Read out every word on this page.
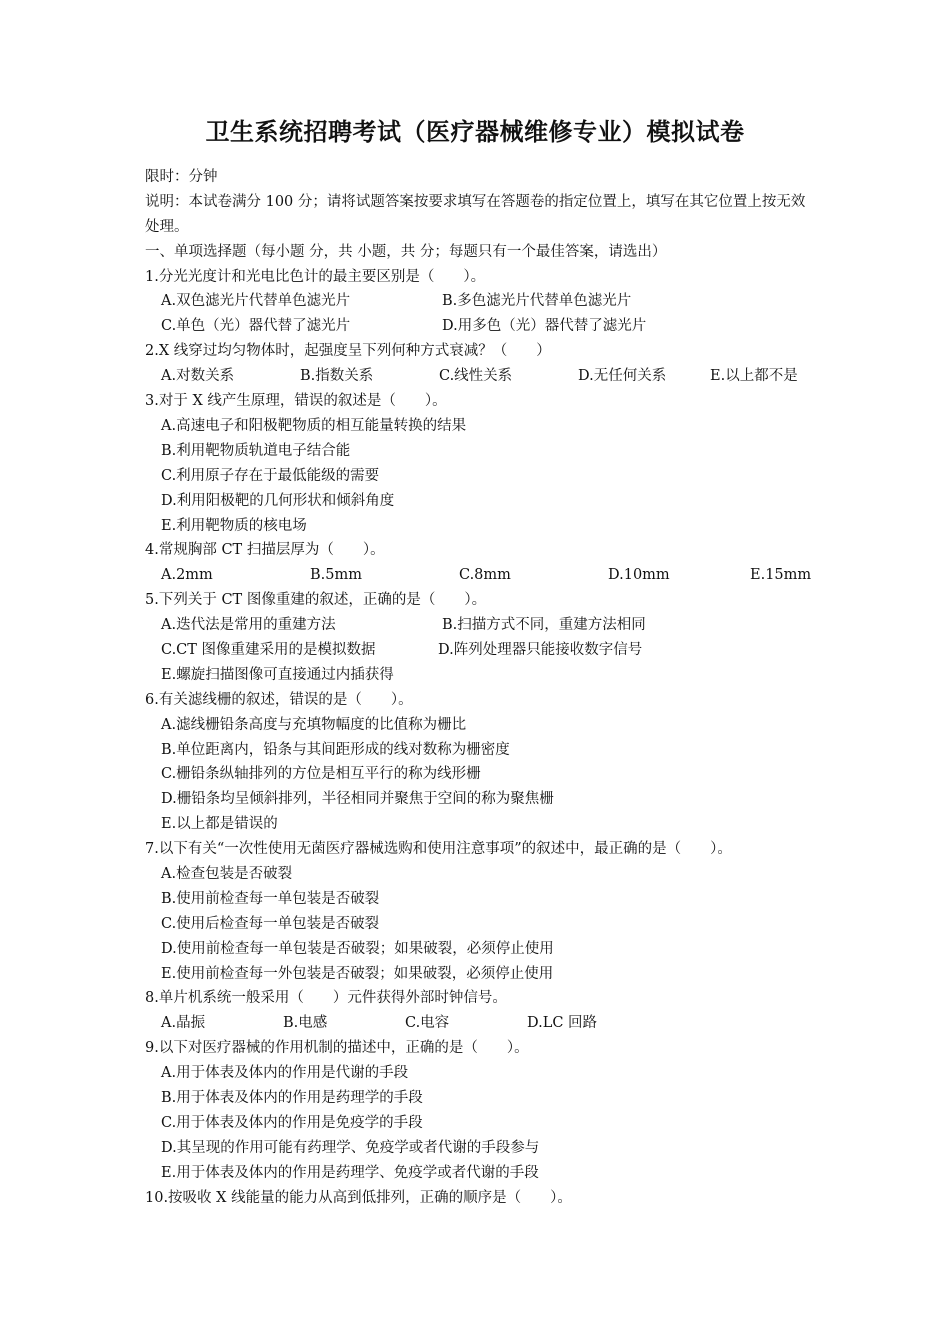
卫生系统招聘考试（医疗器械维修专业）模拟试卷
限时：分钟
说明：本试卷满分 100 分；请将试题答案按要求填写在答题卷的指定位置上，填写在其它位置上按无效处理。
一、单项选择题（每小题 分，共 小题，共 分；每题只有一个最佳答案，请选出）
1.分光光度计和光电比色计的最主要区别是（　　）。
A.双色滤光片代替单色滤光片	B.多色滤光片代替单色滤光片
C.单色（光）器代替了滤光片	D.用多色（光）器代替了滤光片
2.X 线穿过均匀物体时，起强度呈下列何种方式衰减？（　　）
A.对数关系	B.指数关系	C.线性关系	D.无任何关系	E.以上都不是
3.对于 X 线产生原理，错误的叙述是（　　）。
A.高速电子和阳极靶物质的相互能量转换的结果
B.利用靶物质轨道电子结合能
C.利用原子存在于最低能级的需要
D.利用阳极靶的几何形状和倾斜角度
E.利用靶物质的核电场
4.常规胸部 CT 扫描层厚为（　　）。
A.2mm	B.5mm	C.8mm	D.10mm	E.15mm
5.下列关于 CT 图像重建的叙述，正确的是（　　）。
A.迭代法是常用的重建方法	B.扫描方式不同，重建方法相同
C.CT 图像重建采用的是模拟数据	D.阵列处理器只能接收数字信号
E.螺旋扫描图像可直接通过内插获得
6.有关滤线栅的叙述，错误的是（　　）。
A.滤线栅铅条高度与充填物幅度的比值称为栅比
B.单位距离内，铅条与其间距形成的线对数称为栅密度
C.栅铅条纵轴排列的方位是相互平行的称为线形栅
D.栅铅条均呈倾斜排列，半径相同并聚焦于空间的称为聚焦栅
E.以上都是错误的
7.以下有关“一次性使用无菌医疗器械选购和使用注意事项”的叙述中，最正确的是（　　）。
A.检查包装是否破裂
B.使用前检查每一单包装是否破裂
C.使用后检查每一单包装是否破裂
D.使用前检查每一单包装是否破裂；如果破裂，必须停止使用
E.使用前检查每一外包装是否破裂；如果破裂，必须停止使用
8.单片机系统一般采用（　　）元件获得外部时钟信号。
A.晶振	B.电感	C.电容	D.LC 回路
9.以下对医疗器械的作用机制的描述中，正确的是（　　）。
A.用于体表及体内的作用是代谢的手段
B.用于体表及体内的作用是药理学的手段
C.用于体表及体内的作用是免疫学的手段
D.其呈现的作用可能有药理学、免疫学或者代谢的手段参与
E.用于体表及体内的作用是药理学、免疫学或者代谢的手段
10.按吸收 X 线能量的能力从高到低排列，正确的顺序是（　　）。
